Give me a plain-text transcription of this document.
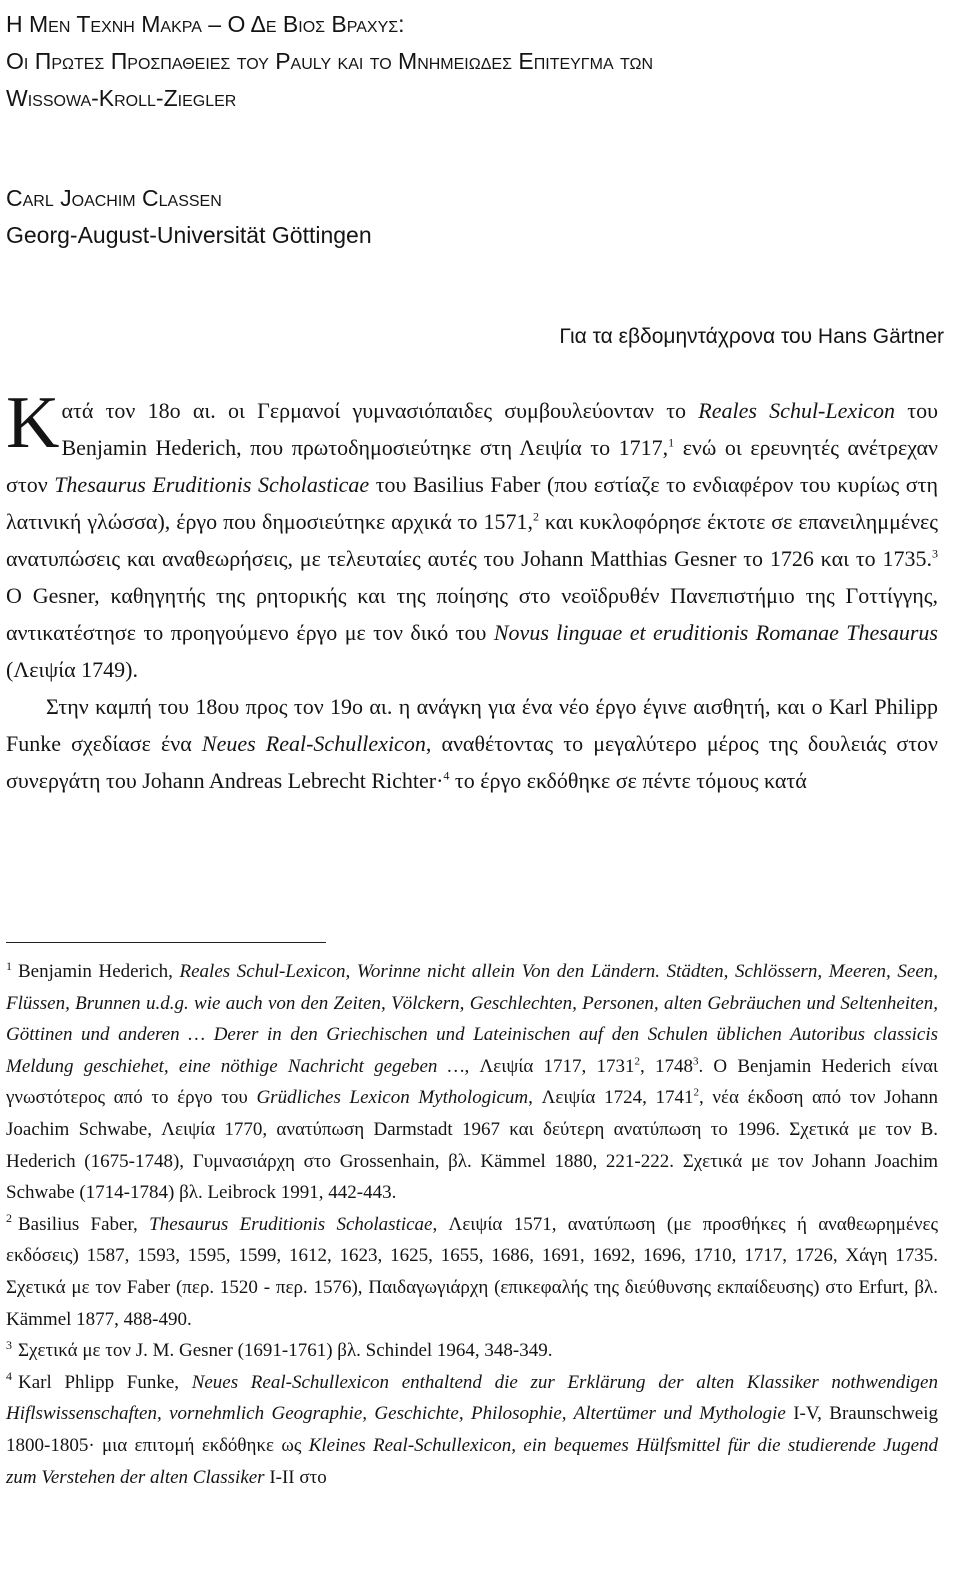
Η Μεν Τεχνη Μακρα – Ο Δε Βιος Βραχυς:
Οι Πρωτες Προσπαθειες του Pauly και το Μνημειωδες Επιτευγμα των
Wissowa-Kroll-Ziegler
Carl Joachim Classen
Georg-August-Universität Göttingen
Για τα εβδομηντάχρονα του Hans Gärtner

Κατά τον 18ο αι. οι Γερμανοί γυμνασιόπαιδες συμβουλεύονταν το Reales Schul-Lexicon του Benjamin Hederich, που πρωτοδημοσιεύτηκε στη Λειψία το 1717,$^1$ ενώ οι ερευνητές ανέτρεχαν στον Thesaurus Eruditionis Scholasticae του Basilius Faber (που εστίαζε το ενδιαφέρον του κυρίως στη λατινική γλώσσα), έργο που δημοσιεύτηκε αρχικά το 1571,$^2$ και κυκλοφόρησε έκτοτε σε επανειλημμένες ανατυπώσεις και αναθεωρήσεις, με τελευταίες αυτές του Johann Matthias Gesner το 1726 και το 1735.$^3$ Ο Gesner, καθηγητής της ρητορικής και της ποίησης στο νεοϊδρυθέν Πανεπιστήμιο της Γοττίγγης, αντικατέστησε το προηγούμενο έργο με τον δικό του Novus linguae et eruditionis Romanae Thesaurus (Λειψία 1749).

Στην καμπή του 18ου προς τον 19ο αι. η ανάγκη για ένα νέο έργο έγινε αισθητή, και ο Karl Philipp Funke σχεδίασε ένα Neues Real-Schullexicon, αναθέτοντας το μεγαλύτερο μέρος της δουλειάς στον συνεργάτη του Johann Andreas Lebrecht Richter·$^4$ το έργο εκδόθηκε σε πέντε τόμους κατά

$^1$ Benjamin Hederich, Reales Schul-Lexicon, Worinne nicht allein Von den Ländern. Städten, Schlössern, Meeren, Seen, Flüssen, Brunnen u.d.g. wie auch von den Zeiten, Völckern, Geschlechten, Personen, alten Gebräuchen und Seltenheiten, Göttinen und anderen … Derer in den Griechischen und Lateinischen auf den Schulen üblichen Autoribus classicis Meldung geschiehet, eine nöthige Nachricht gegeben …, Λειψία 1717, 1731$^2$, 1748$^3$. Ο Benjamin Hederich είναι γνωστότερος από το έργο του Grüdliches Lexicon Mythologicum, Λειψία 1724, 1741$^2$, νέα έκδοση από τον Johann Joachim Schwabe, Λειψία 1770, ανατύπωση Darmstadt 1967 και δεύτερη ανατύπωση το 1996. Σχετικά με τον B. Hederich (1675-1748), Γυμνασιάρχη στο Grossenhain, βλ. Kämmel 1880, 221-222. Σχετικά με τον Johann Joachim Schwabe (1714-1784) βλ. Leibrock 1991, 442-443.

$^2$ Basilius Faber, Thesaurus Eruditionis Scholasticae, Λειψία 1571, ανατύπωση (με προσθήκες ή αναθεωρημένες εκδόσεις) 1587, 1593, 1595, 1599, 1612, 1623, 1625, 1655, 1686, 1691, 1692, 1696, 1710, 1717, 1726, Χάγη 1735. Σχετικά με τον Faber (περ. 1520 - περ. 1576), Παιδαγωγιάρχη (επικεφαλής της διεύθυνσης εκπαίδευσης) στο Erfurt, βλ. Kämmel 1877, 488-490.

$^3$ Σχετικά με τον J. M. Gesner (1691-1761) βλ. Schindel 1964, 348-349.

$^4$ Karl Phlipp Funke, Neues Real-Schullexicon enthaltend die zur Erklärung der alten Klassiker nothwendigen Hiflswissenschaften, vornehmlich Geographie, Geschichte, Philosophie, Altertümer und Mythologie I-V, Braunschweig 1800-1805· μια επιτομή εκδόθηκε ως Kleines Real-Schullexicon, ein bequemes Hülfsmittel für die studierende Jugend zum Verstehen der alten Classiker I-II στο
